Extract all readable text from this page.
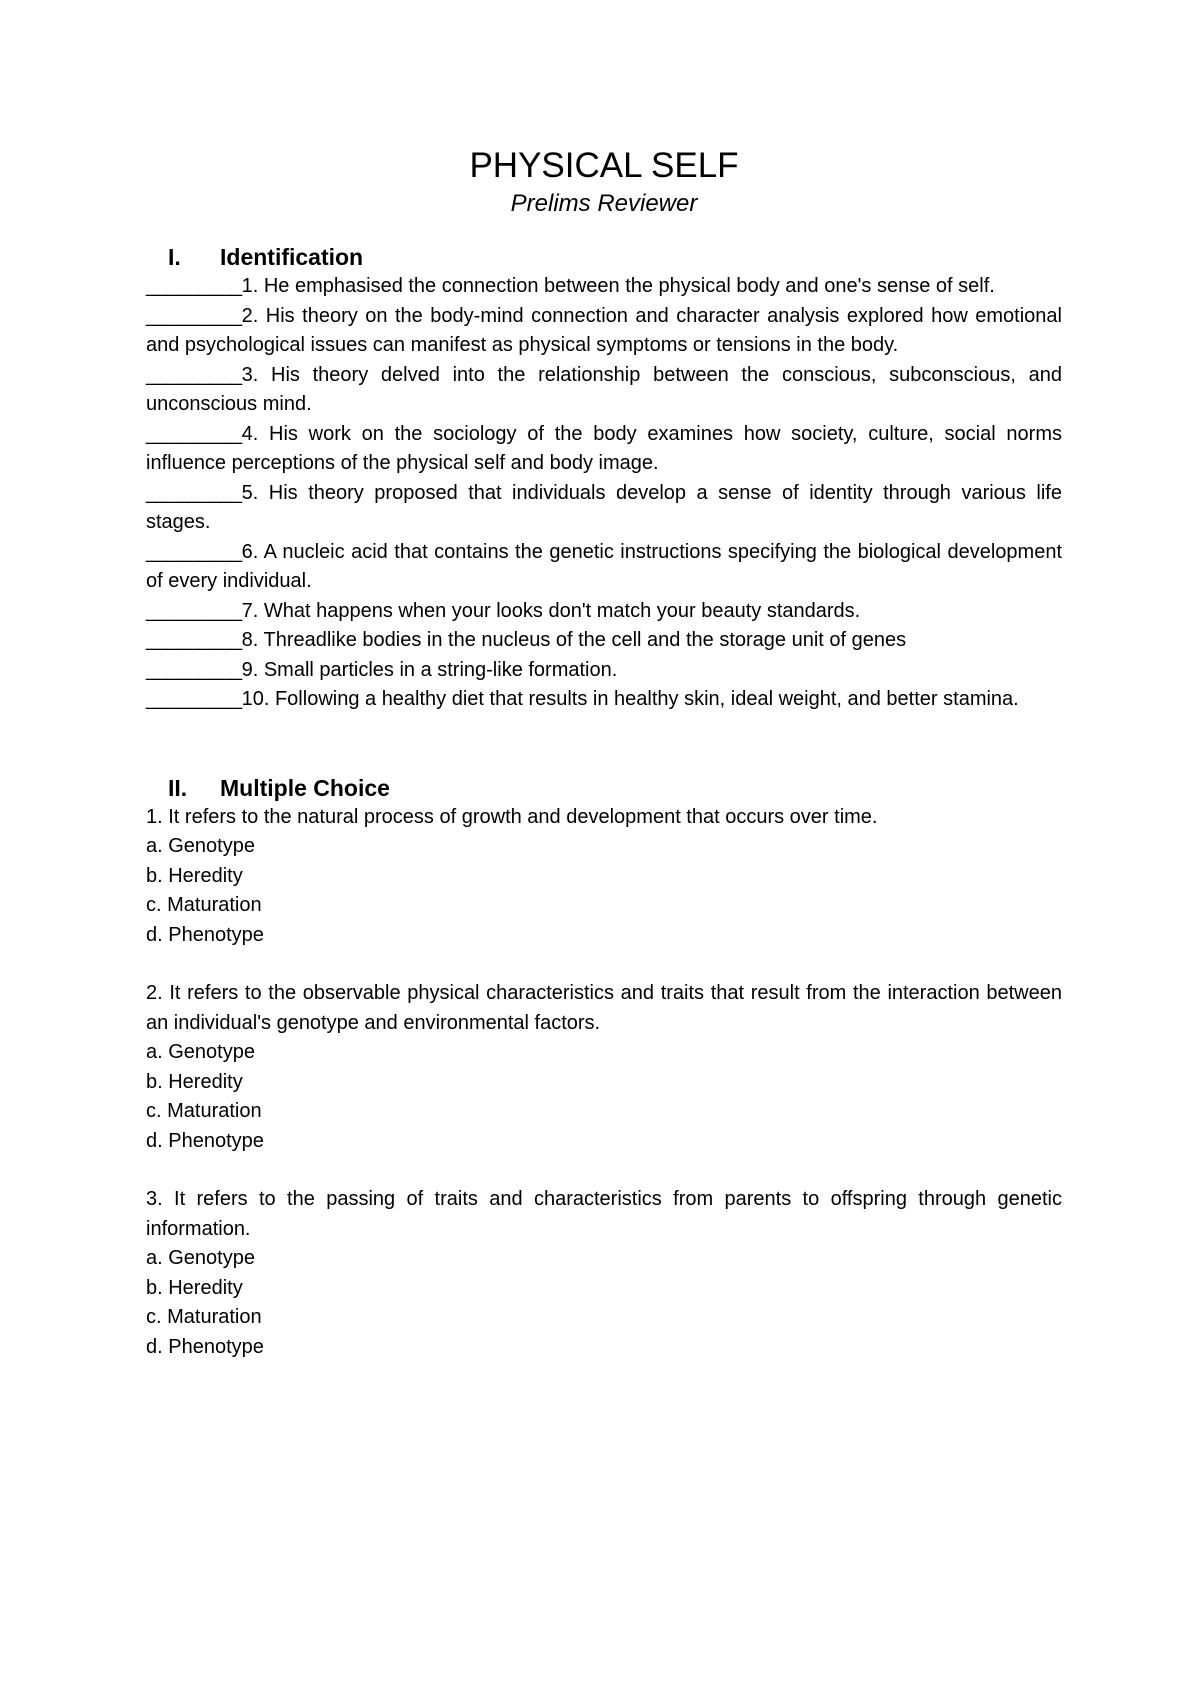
PHYSICAL SELF
Prelims Reviewer
I.	Identification
_________1. He emphasised the connection between the physical body and one's sense of self.
_________2. His theory on the body-mind connection and character analysis explored how emotional and psychological issues can manifest as physical symptoms or tensions in the body.
_________3. His theory delved into the relationship between the conscious, subconscious, and unconscious mind.
_________4. His work on the sociology of the body examines how society, culture, social norms influence perceptions of the physical self and body image.
_________5. His theory proposed that individuals develop a sense of identity through various life stages.
_________6. A nucleic acid that contains the genetic instructions specifying the biological development of every individual.
_________7. What happens when your looks don't match your beauty standards.
_________8. Threadlike bodies in the nucleus of the cell and the storage unit of genes
_________9. Small particles in a string-like formation.
_________10. Following a healthy diet that results in healthy skin, ideal weight, and better stamina.
II.	Multiple Choice
1. It refers to the natural process of growth and development that occurs over time.
a. Genotype
b. Heredity
c. Maturation
d. Phenotype
2. It refers to the observable physical characteristics and traits that result from the interaction between an individual's genotype and environmental factors.
a. Genotype
b. Heredity
c. Maturation
d. Phenotype
3. It refers to the passing of traits and characteristics from parents to offspring through genetic information.
a. Genotype
b. Heredity
c. Maturation
d. Phenotype
